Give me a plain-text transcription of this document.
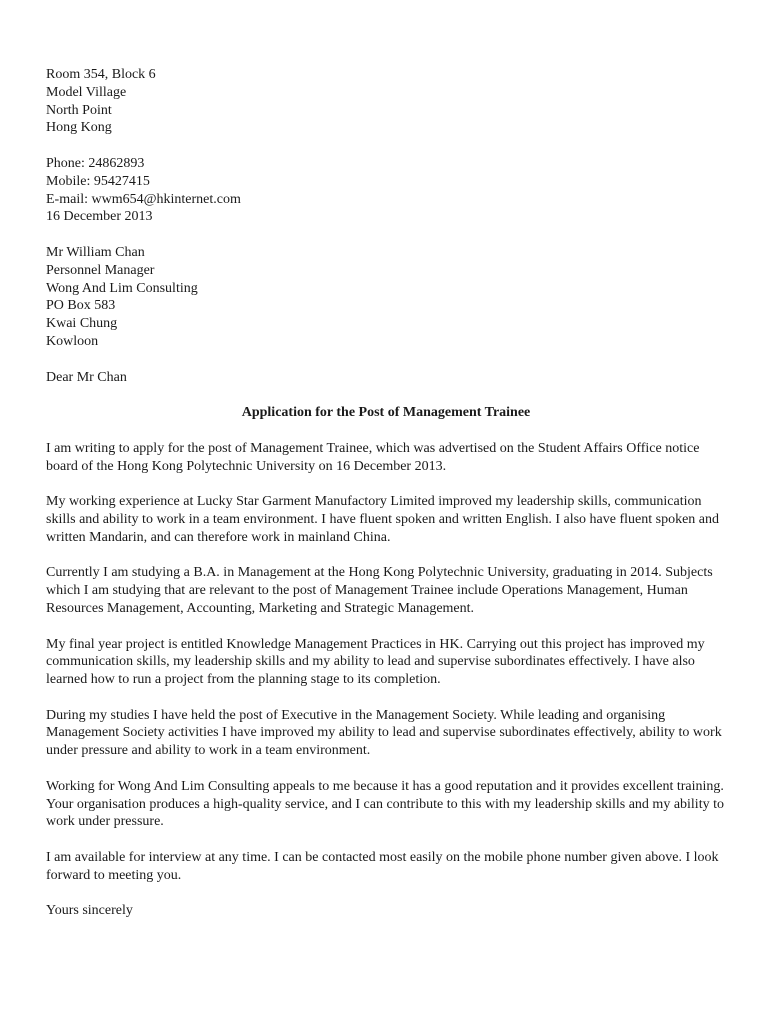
Room 354, Block 6
Model Village
North Point
Hong Kong
Phone: 24862893
Mobile: 95427415
E-mail: wwm654@hkinternet.com
16 December 2013
Mr William Chan
Personnel Manager
Wong And Lim Consulting
PO Box 583
Kwai Chung
Kowloon
Dear Mr Chan
Application for the Post of Management Trainee

I am writing to apply for the post of Management Trainee, which was advertised on the Student Affairs Office notice board of the Hong Kong Polytechnic University on 16 December 2013.

My working experience at Lucky Star Garment Manufactory Limited improved my leadership skills, communication skills and ability to work in a team environment. I have fluent spoken and written English. I also have fluent spoken and written Mandarin, and can therefore work in mainland China.

Currently I am studying a B.A. in Management at the Hong Kong Polytechnic University, graduating in 2014. Subjects which I am studying that are relevant to the post of Management Trainee include Operations Management, Human Resources Management, Accounting, Marketing and Strategic Management.

My final year project is entitled Knowledge Management Practices in HK. Carrying out this project has improved my communication skills, my leadership skills and my ability to lead and supervise subordinates effectively. I have also learned how to run a project from the planning stage to its completion.

During my studies I have held the post of Executive in the Management Society. While leading and organising Management Society activities I have improved my ability to lead and supervise subordinates effectively, ability to work under pressure and ability to work in a team environment.

Working for Wong And Lim Consulting appeals to me because it has a good reputation and it provides excellent training. Your organisation produces a high-quality service, and I can contribute to this with my leadership skills and my ability to work under pressure.

I am available for interview at any time. I can be contacted most easily on the mobile phone number given above. I look forward to meeting you.

Yours sincerely
